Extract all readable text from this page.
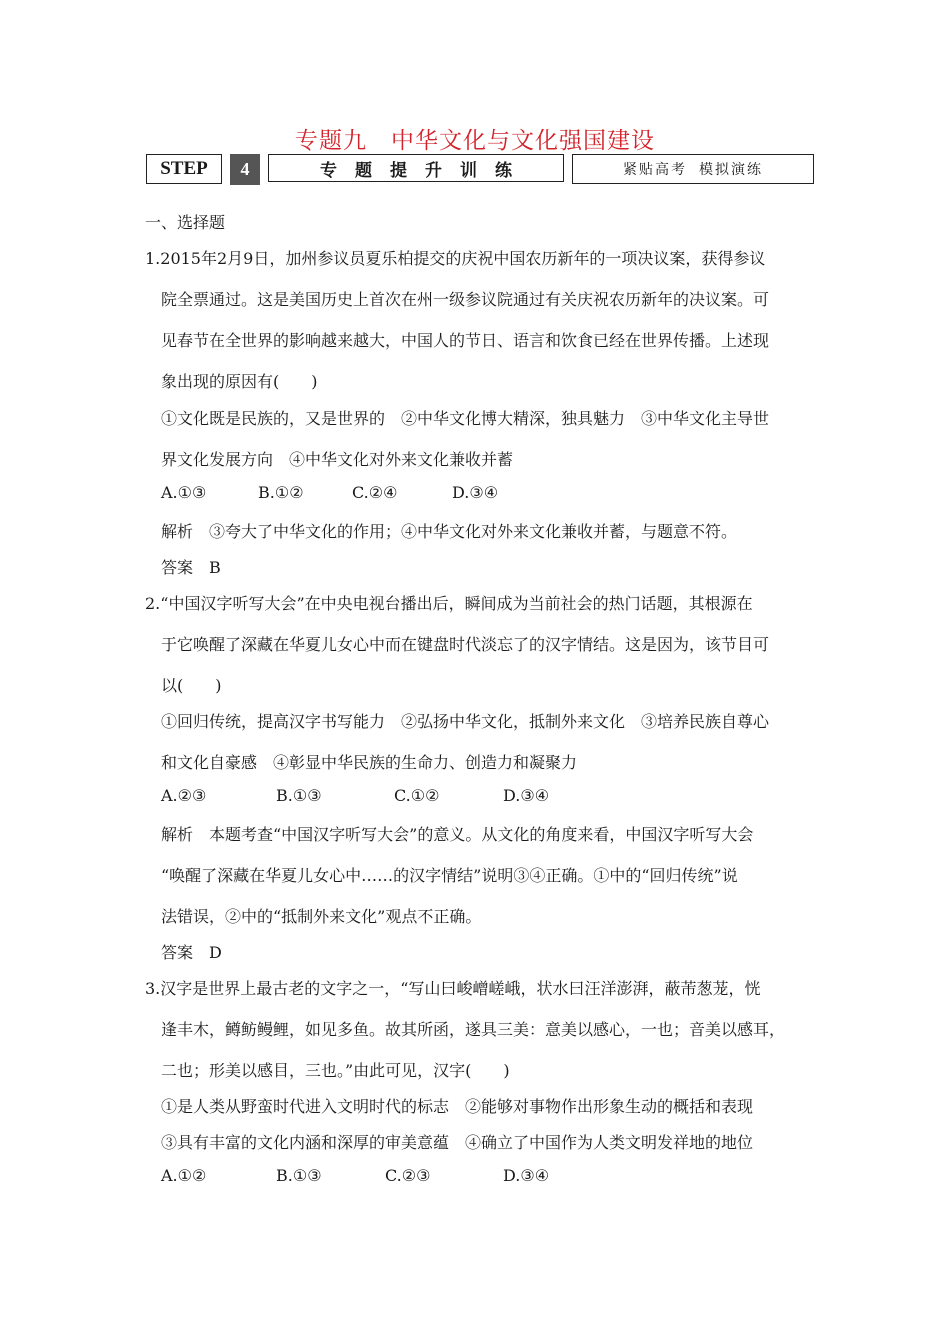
专题九　中华文化与文化强国建设
STEP	4	专题提升训练	紧贴高考 模拟演练
一、选择题
1.2015年2月9日，加州参议员夏乐柏提交的庆祝中国农历新年的一项决议案，获得参议
院全票通过。这是美国历史上首次在州一级参议院通过有关庆祝农历新年的决议案。可
见春节在全世界的影响越来越大，中国人的节日、语言和饮食已经在世界传播。上述现
象出现的原因有(　　)
①文化既是民族的，又是世界的　②中华文化博大精深，独具魅力　③中华文化主导世
界文化发展方向　④中华文化对外来文化兼收并蓄
A.①③	B.①②	C.②④	D.③④
解析　③夸大了中华文化的作用；④中华文化对外来文化兼收并蓄，与题意不符。
答案　B
2.“中国汉字听写大会”在中央电视台播出后，瞬间成为当前社会的热门话题，其根源在
于它唤醒了深藏在华夏儿女心中而在键盘时代淡忘了的汉字情结。这是因为，该节目可
以(　　)
①回归传统，提高汉字书写能力　②弘扬中华文化，抵制外来文化　③培养民族自尊心
和文化自豪感　④彰显中华民族的生命力、创造力和凝聚力
A.②③	B.①③	C.①②	D.③④
解析　本题考查“中国汉字听写大会”的意义。从文化的角度来看，中国汉字听写大会
“唤醒了深藏在华夏儿女心中……的汉字情结”说明③④正确。①中的“回归传统”说
法错误，②中的“抵制外来文化”观点不正确。
答案　D
3.汉字是世界上最古老的文字之一，“写山曰峻嶒嵯峨，状水曰汪洋澎湃，蔽芾葱茏，恍
逢丰木，鳟鲂鳗鲤，如见多鱼。故其所函，遂具三美：意美以感心，一也；音美以感耳，
二也；形美以感目，三也。”由此可见，汉字(　　)
①是人类从野蛮时代进入文明时代的标志　②能够对事物作出形象生动的概括和表现
③具有丰富的文化内涵和深厚的审美意蕴　④确立了中国作为人类文明发祥地的地位
A.①②	B.①③	C.②③	D.③④
